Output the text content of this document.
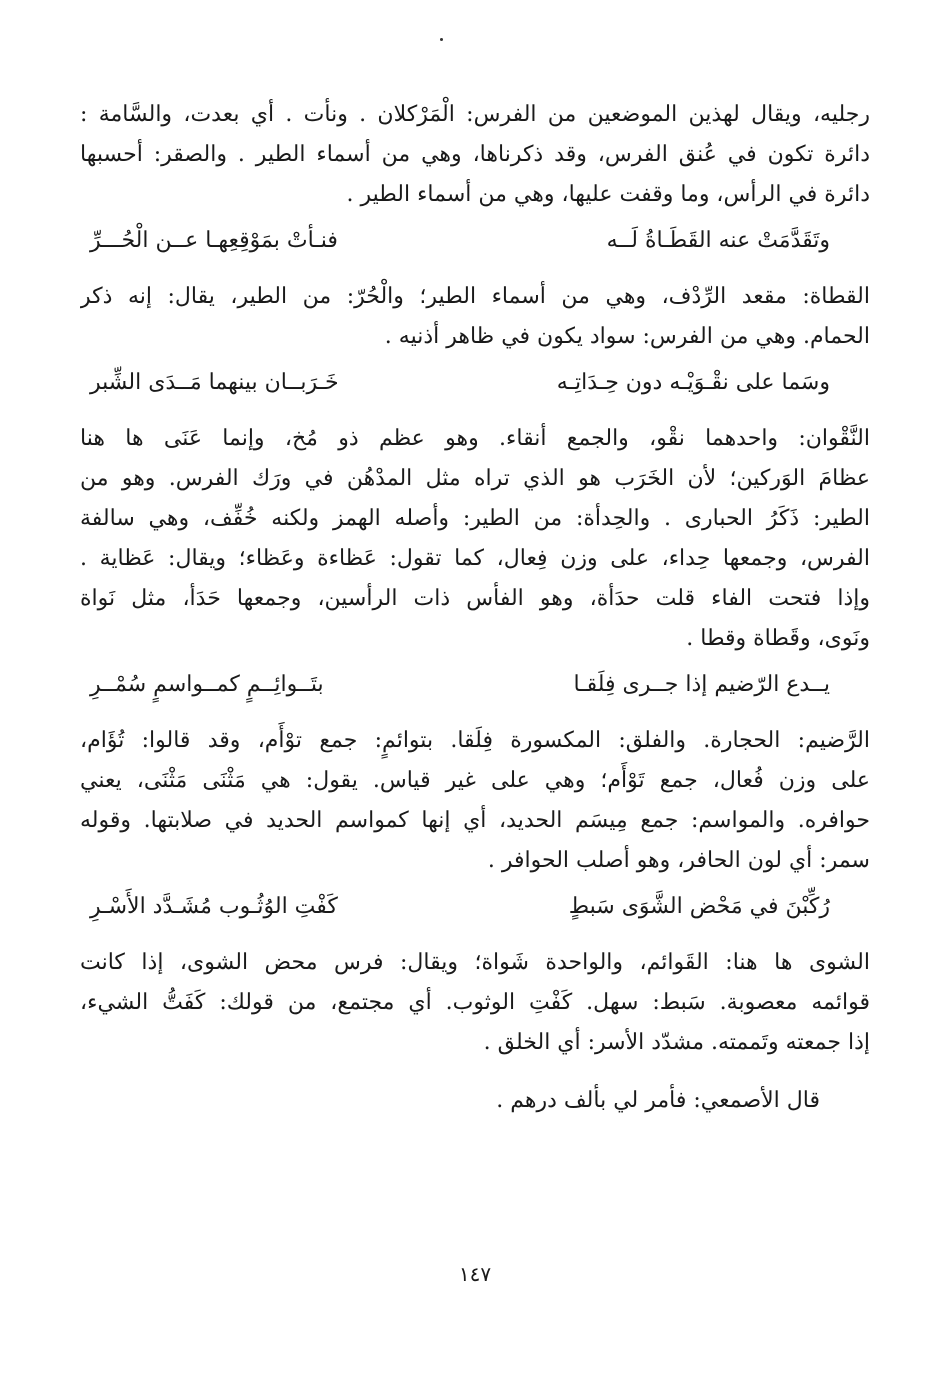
رجليه، ويقال لهذين الموضعين من الفرس: الْمَرْكلان . ونأت . أي بعدت، والسَّامة :
دائرة تكون في عُنق الفرس، وقد ذكرناها، وهي من أسماء الطير . والصقر: أحسبها
دائرة في الرأس، وما وقفت عليها، وهي من أسماء الطير .
وتَقَدَّمَتْ عنه القَطَـاةُ لَــه
فنـأتْ بمَوْقِعِهـا عــن الْحُـــرِّ
القطاة: مقعد الرِّدْف، وهي من أسماء الطير؛ والْحُرّ: من الطير، يقال: إنه ذكر
الحمام. وهي من الفرس: سواد يكون في ظاهر أذنيه .
وسَما على نقْـوَيْـه دون حِـدَاتِـه
خَـرَبــان بينهما مَــدَى الشِّبر
النَّقْوان: واحدهما نقْو، والجمع أنقاء. وهو عظم ذو مُخ، وإنما عَنَى ها هنا
عظامَ الوَركين؛ لأن الخَرَب هو الذي تراه مثل المدْهُن في ورَك الفرس. وهو من
الطير: ذَكَرُ الحبارى . والحِدأة: من الطير: وأصله الهمز ولكنه خُفِّف، وهي سالفة
الفرس، وجمعها حِداء، على وزن فِعال، كما تقول: عَظاءة وعَظاء؛ ويقال: عَظاية .
وإذا فتحت الفاء قلت حدَأة، وهو الفأس ذات الرأسين، وجمعها حَدَأ، مثل نَواة
ونَوى، وقَطاة وقطا .
يــدع الرّضيم إذا جــرى فِلَقـا
بتَــوائِــمٍ كمــواسمٍ سُمْــرِ
الرَّضيم: الحجارة. والفلق: المكسورة فِلَقا. بتوائمٍ: جمع توْأَم، وقد قالوا: تُؤَام،
على وزن فُعال، جمع تَوْأَم؛ وهي على غير قياس. يقول: هي مَثْنَى مَثْنَى، يعني
حوافره. والمواسم: جمع مِيسَم الحديد، أي إنها كمواسم الحديد في صلابتها. وقوله
سمر: أي لون الحافر، وهو أصلب الحوافر .
رُكِّبْنَ في مَحْض الشَّوَى سَبطٍ
كَفْتِ الوُثُـوب مُشَـدَّد الأَسْـرِ
الشوى ها هنا: القَوائم، والواحدة شَواة؛ ويقال: فرس محض الشوى، إذا كانت
قوائمه معصوبة. سَبط: سهل. كَفْتِ الوثوب. أي مجتمع، من قولك: كَفَتُّ الشيء،
إذا جمعته وتَممته. مشدّد الأسر: أي الخلق .
قال الأصمعي: فأمر لي بألف درهم .
١٤٧
